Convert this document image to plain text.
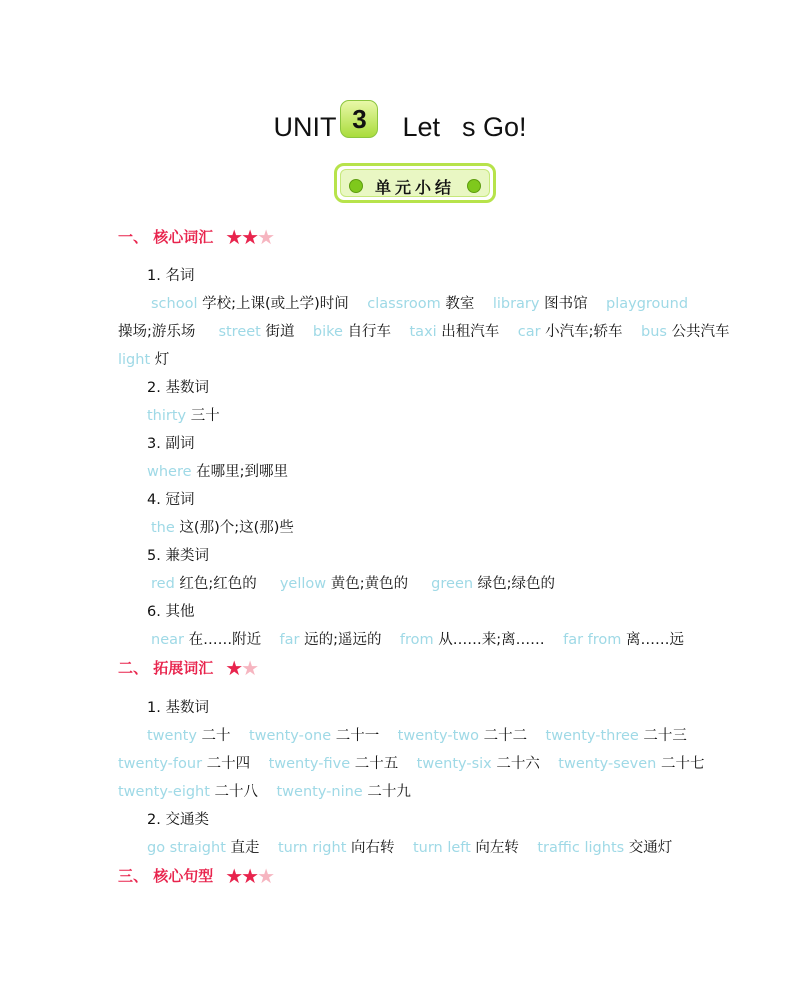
UNIT 3 Let s Go!
单元小结
一、 核心词汇 ★★★
1. 名词
school 学校;上课(或上学)时间 classroom 教室 library 图书馆 playground
操场;游乐场 street 街道 bike 自行车 taxi 出租汽车 car 小汽车;轿车 bus 公共汽车
light 灯
2. 基数词
thirty 三十
3. 副词
where 在哪里;到哪里
4. 冠词
the 这(那)个;这(那)些
5. 兼类词
red 红色;红色的 yellow 黄色;黄色的 green 绿色;绿色的
6. 其他
near 在……附近 far 远的;遥远的 from 从……来;离…… far from 离……远
二、 拓展词汇 ★★
1. 基数词
twenty 二十 twenty-one 二十一 twenty-two 二十二 twenty-three 二十三
twenty-four 二十四 twenty-five 二十五 twenty-six 二十六 twenty-seven 二十七
twenty-eight 二十八 twenty-nine 二十九
2. 交通类
go straight 直走 turn right 向右转 turn left 向左转 traffic lights 交通灯
三、 核心句型 ★★★
